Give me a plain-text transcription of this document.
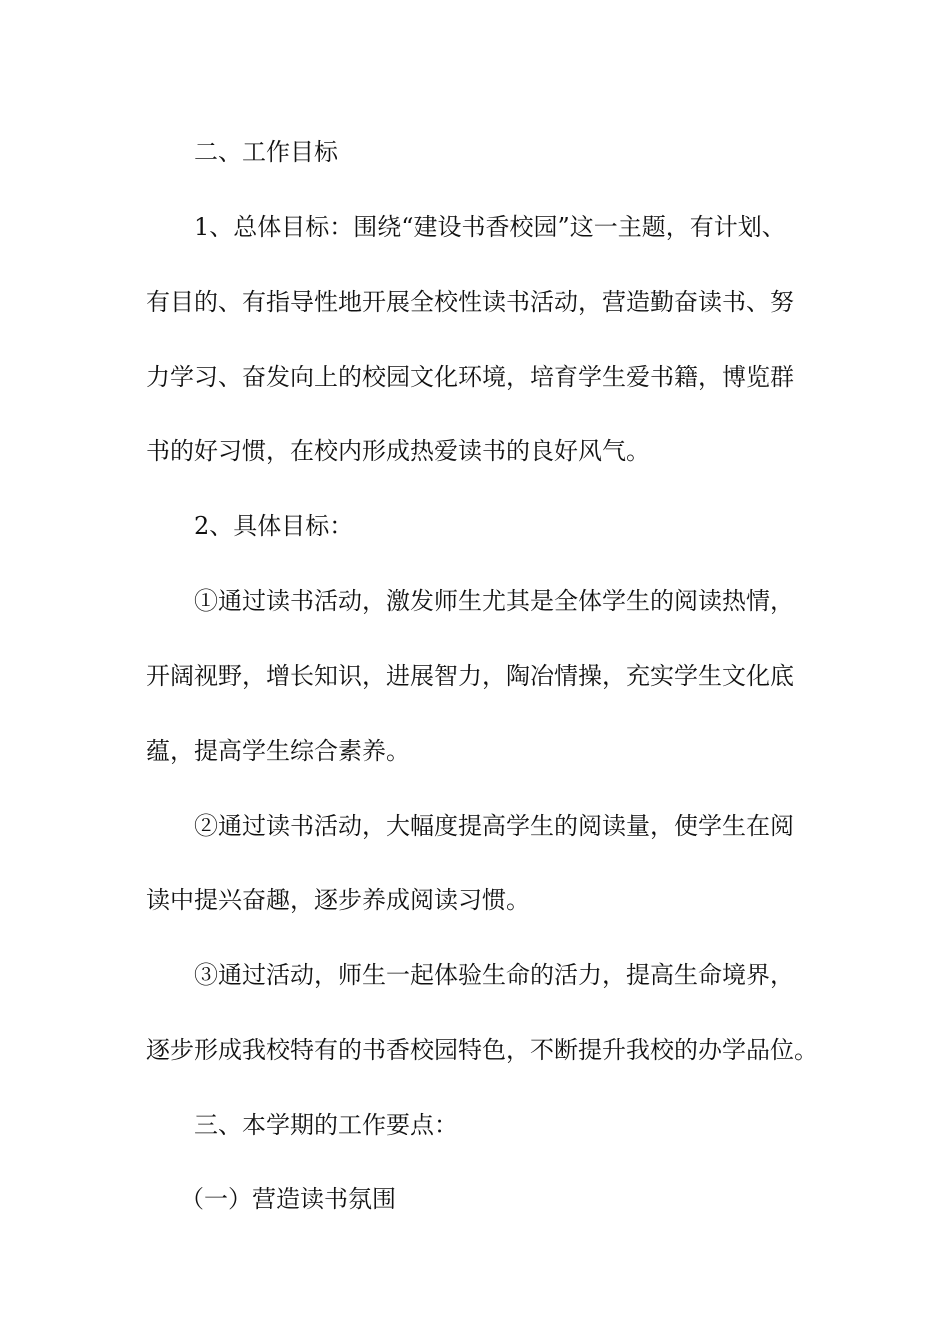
二、工作目标
1、总体目标：围绕“建设书香校园”这一主题，有计划、
有目的、有指导性地开展全校性读书活动，营造勤奋读书、努
力学习、奋发向上的校园文化环境，培育学生爱书籍，博览群
书的好习惯，在校内形成热爱读书的良好风气。
2、具体目标：
①通过读书活动，激发师生尤其是全体学生的阅读热情，
开阔视野，增长知识，进展智力，陶冶情操，充实学生文化底
蕴，提高学生综合素养。
②通过读书活动，大幅度提高学生的阅读量，使学生在阅
读中提兴奋趣，逐步养成阅读习惯。
③通过活动，师生一起体验生命的活力，提高生命境界，
逐步形成我校特有的书香校园特色，不断提升我校的办学品位。
三、本学期的工作要点：
（一）营造读书氛围
